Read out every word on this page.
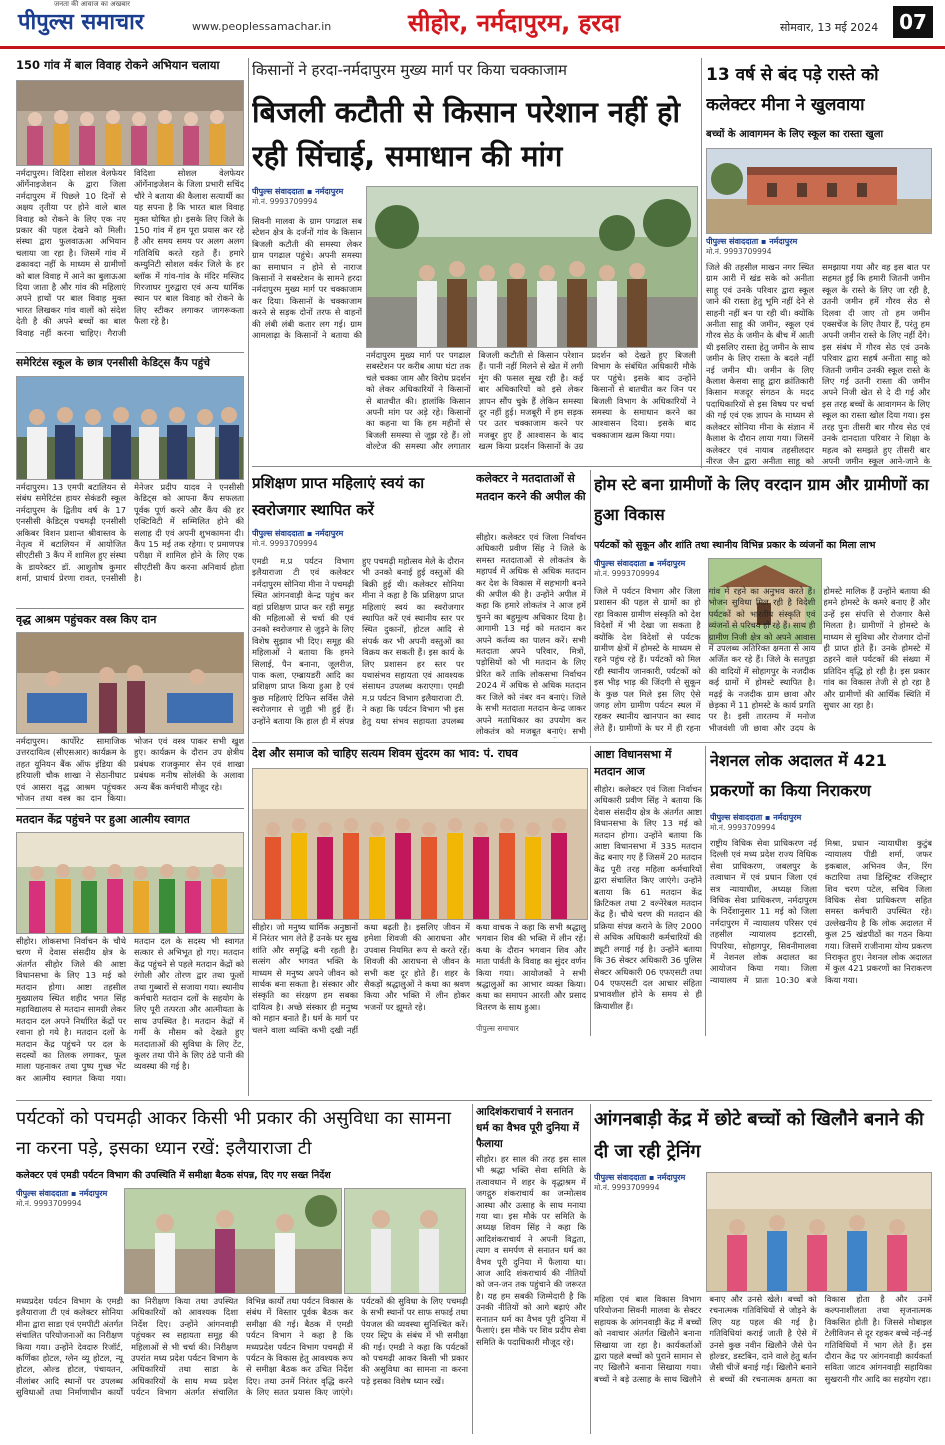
जनता की आवाज का अखबार
पीपुल्स समाचार	www.peoplessamachar.in	सीहोर, नर्मदापुरम, हरदा	सोमवार, 13 मई 2024	07
150 गांव में बाल विवाह रोकने अभियान चलाया
नर्मदापुरम। विदिशा सोशल वेलफेयर ऑर्गेनाइजेशन के द्वारा जिला नर्मदापुरम में पिछले 10 दिनों से अक्षय तृतीया पर होने वाले बाल विवाह को रोकने के लिए एक नए प्रकार की पहल देखने को मिली। संस्था द्वारा फुलवाऊआ अभियान चलाया जा रहा है। जिसमें गांव में ढकावदा नहीं के माध्यम से ग्रामीणों को बाल विवाह में आने का बुलाऊआ दिया जाता है और गांव की महिलाएं अपने हाथों पर बाल विवाह मुक्त भारत लिखकर गांव वालों को संदेश देती है की अपने बच्चों का बाल विवाह नहीं करना चाहिए। गैराजी विदिशा सोशल वेलफेयर ऑर्गेनाइजेशन के जिला प्रभारी सचिंद चौरे ने बताया की कैलाश सत्यार्थी का यह सपना है कि भारत बाल विवाह मुक्त घोषित हो। इसके लिए जिले के 150 गांव में हम पूरा प्रयास कर रहे हैं और समय समय पर अलग अलग गतिविधि करते रहते हैं। हमारे कम्युनिटी सोशल वर्कर जिले के हर ब्लॉक में गांव-गांव के मंदिर मस्जिद गिरजाघर गुरुद्वारा एवं अन्य धार्मिक स्थान पर बाल विवाह को रोकने के लिए स्टीकर लगाकर जागरूकता फैला रहे है।
समेरिटंस स्कूल के छात्र एनसीसी केडिट्स कैंप पहुंचे
नर्मदापुरम। 13 एमपी बटालियन से संबंध समेरिटंस हायर सेकंडरी स्कूल नर्मदापुरम के द्वितीय वर्ष के 17 एनसीसी केडिट्स पचमढ़ी एनसीसी अकिबर विशन प्रशान्त श्रीवास्तव के नेतृत्व में बटालियन में आयोजित सीएटीसी 3 कैंप में शामिल हुए संस्था के डायरेक्टर डॉ. आशुतोष कुमार शर्मा, प्राचार्य प्रेरणा रावत, एनसीसी मेनेजर प्रदीप यादव ने एनसीसी केडिट्स को आपना कैंप सफलता पूर्वक पूर्ण करने और कैंप की हर एक्टिविटी में सम्मिलित होने की सलाह दी एवं अपनी शुभकामना दी। कैंप 15 मई तक रहेगा। ए प्रमाणपत्र परीक्षा में शामिल होने के लिए एक सीएटीसी कैंप करना अनिवार्य होता है।
वृद्ध आश्रम पहुंचकर वस्त्र किए दान
नर्मदापुरम। कार्पोरेट सामाजिक उत्तरदायित्व (सीएसआर) कार्यक्रम के तहत यूनियन बैंक ऑफ इंडिया की हरियाली चौक शाखा ने सेठानीघाट एवं आसरा वृद्ध आश्रम पहुंचकर भोजन तथा वस्त्र का दान किया। भोजन एवं वस्त्र पाकर सभी खुश हुए। कार्यक्रम के दौरान उप क्षेत्रीय प्रबंधक राजकुमार सेन एवं शाखा प्रबंधक मनीष सोलंकी के अलावा अन्य बैंक कर्मचारी मौजूद रहे।
मतदान केंद्र पहुंचने पर हुआ आत्मीय स्वागत
सीहोर। लोकसभा निर्वाचन के चौथे चरण में देवास संसदीय क्षेत्र के अंतर्गत सीहोर जिले की आष्टा विधानसभा के लिए 13 मई को मतदान होगा। आष्टा तहसील मुख्यालय स्थित शहीद भगत सिंह महाविद्यालय से मतदान सामग्री लेकर मतदान दल अपने निर्धारित केंद्रों पर रवाना हो गये है। मतदान दलों के मतदान केंद्र पहुंचने पर दल के सदस्यों का तिलक लगाकर, फूल माला पहनाकर तथा पुष्प गुच्छ भेंट कर आत्मीय स्वागत किया गया। मतदान दल के सदस्य भी स्वागत सत्कार से अभिभूत हो गए। मतदान केंद्र पहुंचने से पहले मतदान केंद्रों को रंगोली और तोरण द्वार तथा फूलों तथा गुब्बारों से सजाया गया। स्थानीय कर्मचारी मतदान दलों के सहयोग के लिए पूरी तत्परता और आत्मीयता के साथ उपस्थित है। मतदान केंद्रों में गर्मी के मौसम को देखते हुए मतदाताओं की सुविधा के लिए टेंट, कूलर तथा पीने के लिए ठंडे पानी की व्यवस्था की गई है।
किसानों ने हरदा-नर्मदापुरम मुख्य मार्ग पर किया चक्काजाम
बिजली कटौती से किसान परेशान नहीं हो रही सिंचाई, समाधान की मांग
पीपुल्स संवाददाता ▪ नर्मदापुरम
मो.नं. 9993709994
सिवनी मालवा के ग्राम पगढाल सब स्टेशन क्षेत्र के दर्जनों गांव के किसान बिजली कटौती की समस्या लेकर ग्राम पगढाल पहुंचे। अपनी समस्या का समाधान न होने से नाराज किसानों ने सबस्टेशन के सामने हरदा नर्मदापुरम मुख्य मार्ग पर चक्काजाम कर दिया। किसानों के चक्काजाम करने से सड़क दोनों तरफ से वाहनों की लंबी लंबी कतार लग गई। ग्राम आमलाढ़ा के किसानों ने बताया की
नर्मदापुरम मुख्य मार्ग पर पगढाल सबस्टेशन पर करीब आधा घंटा तक चले चक्का जाम और विरोध प्रदर्शन को लेकर अधिकारियों ने किसानों से बातचीत की। हालांकि किसान अपनी मांग पर अड़े रहे। किसानों का कहना था कि हम महीनों से बिजली समस्या से जूझ रहे हैं। लो वोल्टेज की समस्या और लगातार बिजली कटौती से किसान परेशान हैं। पानी नहीं मिलने से खेत में लगी मूंग की फसल सूख रही है। कई बार अधिकारियों को इसे लेकर ज्ञापन सौंप चुके हैं लेकिन समस्या दूर नहीं हुई। मजबूरी में हम सड़क पर उतर चक्काजाम करने पर मजबूर हुए हैं आश्वासन के बाद खत्म किया प्रदर्शन किसानों के उग्र प्रदर्शन को देखते हुए बिजली विभाग के संबंधित अधिकारी मौके पर पहुंचे। इसके बाद उन्होंने किसानों से बातचीत कर जिन पर बिजली विभाग के अधिकारियों ने समस्या के समाधान करने का आश्वासन दिया। इसके बाद चक्काजाम खत्म किया गया।
13 वर्ष से बंद पड़े रास्ते को कलेक्टर मीना ने खुलवाया
बच्चों के आवागमन के लिए स्कूल का रास्ता खुला
पीपुल्स संवाददाता ▪ नर्मदापुरम
मो.नं. 9993709994
जिले की तहसील माखन नगर स्थित ग्राम आरी में खंड सके को अनीता साहू एवं उनके परिवार द्वारा स्कूल जाने की रास्ता हेतु भूमि नहीं देने से साहनी नहीं बन पा रही थी। क्योंकि अनीता साहू की जमीन, स्कूल एवं गौरव सेठ के जमीन के बीच में आती थी इसलिए रास्ता हेतु जमीन के साथ जमीन के लिए रास्ता के बदले नहीं नई जमीन थी। जमीन के लिए कैलाश केसवा साहू द्वारा क्रांतिकारी किसान मजदूर संगठन के मदद पदाधिकारियों से इस विषय पर चर्चा की गई एवं एक ज्ञापन के माध्यम से कलेक्टर सोनिया मीना के संज्ञान में कैलाश के दौरान लाया गया। जिसमें कलेक्टर एवं नायाब तहसीलदार नीरज जैन द्वारा अनीता साहू को समझाया गया और वह इस बात पर सहमत हुईं कि हमारी जितनी जमीन स्कूल के रास्ते के लिए जा रही है, उतनी जमीन हमें गौरव सेठ से दिलवा दी जाए तो हम जमीन एक्सचेंज के लिए तैयार हैं, परंतु हम अपनी जमीन रास्ते के लिए नहीं देंगे। इस संबंध में गौरव सेठ एवं उनके परिवार द्वारा सहर्ष अनीता साहू को जितनी जमीन उनकी स्कूल रास्ते के लिए गई उतनी रास्ता की जमीन अपने निजी खेत से दे दी गई और इस तरह बच्चों के आवागमन के लिए स्कूल का रास्ता खोल दिया गया। इस तरह पुनः तीसरी बार गौरव सेठ एवं उनके दानदाता परिवार ने शिक्षा के महत्व को समझते हुए तीसरी बार अपनी जमीन स्कूल आने-जाने के
प्रशिक्षण प्राप्त महिलाएं स्वयं का स्वरोजगार स्थापित करें
पीपुल्स संवाददाता ▪ नर्मदापुरम
मो.नं. 9993709994
एमडी म.प्र पर्यटन विभाग इलैयाराजा टी एवं कलेक्टर नर्मदापुरम सोनिया मीना ने पचमढ़ी स्थित आंगनवाड़ी केन्द्र पहुंच कर वहां प्रशिक्षण प्राप्त कर रही समूह की महिलाओं से चर्चा की एवं उनको स्वरोजगार से जुड़ने के लिए विशेष सुझाव भी दिए। समूह की महिलाओं ने बताया कि हमने सिलाई, पैन बनाना, जूलरीज, पाक कला, एम्ब्रायडरी आदि का प्रशिक्षण प्राप्त किया हुआ है एवं कुछ महिलाएं टिफिन सर्विस जैसे स्वरोजगार से जुड़ी भी हुई हैं। उन्होंने बताया कि हाल ही में संपन्न हुए पचमढ़ी महोत्सव मेले के दौरान भी उनको बनाई हुई वस्तुओं की बिक्री हुई थी। कलेक्टर सोनिया मीना ने कहा है कि प्रशिक्षण प्राप्त महिलाएं स्वयं का स्वरोजगार स्थापित करें एवं स्थानीय स्तर पर स्थित दुकानों, होटल आदि से संपर्क कर भी अपनी वस्तुओं का विक्रय कर सकती हैं। इस कार्य के लिए प्रशासन हर स्तर पर यथासंभव सहायता एवं आवश्यक संसाधन उपलब्ध कराएगा। एमडी म.प्र पर्यटन विभाग इलैयाराजा टी. ने कहा कि पर्यटन विभाग भी इस हेतु यथा संभव सहायता उपलब्ध
कलेक्टर ने मतदाताओं से मतदान करने की अपील की
सीहोर। कलेक्टर एवं जिला निर्वाचन अधिकारी प्रवीण सिंह ने जिले के समस्त मतदाताओं से लोकतंत्र के महापर्व में अधिक से अधिक मतदान कर देश के विकास में सहभागी बनने की अपील की है। उन्होंने अपील में कहा कि हमारे लोकतंत्र ने आज हमें चुनने का बहुमूल्य अधिकार दिया है। आगामी 13 मई को मतदान कर अपने कर्तव्य का पालन करें। सभी मतदाता अपने परिवार, मित्रों, पड़ोसियों को भी मतदान के लिए प्रेरित करें ताकि लोकसभा निर्वाचन 2024 में अधिक से अधिक मतदान कर जिले को नंबर वन बनाएं। जिले के सभी मतदाता मतदान केन्द्र जाकर अपने मताधिकार का उपयोग कर लोकतंत्र को मजबूत बनाएं। सभी
होम स्टे बना ग्रामीणों के लिए वरदान ग्राम और ग्रामीणों का हुआ विकास
पर्यटकों को सुकून और शांति तथा स्थानीय विभिन्न प्रकार के व्यंजनों का मिला लाभ
पीपुल्स संवाददाता ▪ नर्मदापुरम
मो.नं. 9993709994
जिले में पर्यटन विभाग और जिला प्रशासन की पहल से ग्रामों का हो रहा विकास ग्रामीण संस्कृति को देश विदेशों में भी देखा जा सकता है क्योंकि देश विदेशों से पर्यटक ग्रामीण क्षेत्रों में होमस्टे के माध्यम से रहने पहुंच रहे हैं। पर्यटकों को मिल रही स्थानीय जानकारी, पर्यटकों को इस भीड़ भाड़ की जिंदगी से सुकून के कुछ पल मिले इस लिए ऐसे जगह लोग ग्रामीण पर्यटन स्थल में रहकर स्थानीय खानपान का स्वाद लेते हैं। ग्रामीणों के घर में ही रहना गांव में रहने का अनुभव करते हैं। भोजन सुविधा मिल रही है विदेशी पर्यटकों को भारतीय संस्कृति एवं व्यंजनों से परिचय हो रहे हैं। साथ ही ग्रामीण निजी क्षेत्र को अपने आवास में उपलब्ध अतिरिक्त क्षमता से आय अर्जित कर रहे हैं। जिले के सतपुड़ा की वादियों में सोहागपुर के नजदीक कई ग्रामों में होमस्टे स्थापित है। मढ़ई के नजदीक ग्राम छावा और छेड़का में 11 होमस्टे के कार्य प्रगति पर है। इसी तारतम्य में मनोज भीजवंशी जी छावा और उदय के होमस्टे मालिक हैं उन्होंने बताया की हमने होमस्टे के कमरे बनाए हैं और उन्हें इस संपत्ति से रोजगार कैसे मिलता है। ग्रामीणों ने होमस्टे के माध्यम से सुविधा और रोजगार दोनों ही प्राप्त होते हैं। उनके होमस्टे में ठहरने वाले पर्यटकों की संख्या में प्रतिदिन वृद्धि हो रही है। इस प्रकार गांव का विकास तेजी से हो रहा है और ग्रामीणों की आर्थिक स्थिति में सुधार आ रहा है।
देश और समाज को चाहिए सत्यम शिवम सुंदरम का भाव: पं. राघव
सीहोर। जो मनुष्य धार्मिक अनुष्ठानों में निरंतर भाग लेते हैं उनके घर सुख शांति और समृद्धि बनी रहती है। सत्संग और भगवत भक्ति के माध्यम से मनुष्य अपने जीवन को सार्थक बना सकता है। संस्कार और संस्कृति का संरक्षण हम सबका दायित्व है। अच्छे संस्कार ही मनुष्य को महान बनाते हैं। धर्म के मार्ग पर चलने वाला व्यक्ति कभी दुखी नहीं
कथा बढ़ती है। इसलिए जीवन में हमेशा शिवजी की आराधना और उपवास नियमित रूप से करते रहें। शिवजी की आराधना से जीवन के सभी कष्ट दूर होते हैं। शहर के सैकड़ों श्रद्धालुओं ने कथा का श्रवण किया और भक्ति में लीन होकर भजनों पर झूमते रहे।
कथा वाचक ने कहा कि सभी श्रद्धालु भगवान शिव की भक्ति में लीन रहें। कथा के दौरान भगवान शिव और माता पार्वती के विवाह का सुंदर वर्णन किया गया। आयोजकों ने सभी श्रद्धालुओं का आभार व्यक्त किया। कथा का समापन आरती और प्रसाद वितरण के साथ हुआ।
पीपुल्स समाचार
आष्टा विधानसभा में मतदान आज
सीहोर। कलेक्टर एवं जिला निर्वाचन अधिकारी प्रवीण सिंह ने बताया कि देवास संसदीय क्षेत्र के अंतर्गत आष्टा विधानसभा के लिए 13 मई को मतदान होगा। उन्होंने बताया कि आष्टा विधानसभा में 335 मतदान केंद्र बनाए गए हैं जिसमें 20 मतदान केंद्र पूरी तरह महिला कर्मचारियों द्वारा संचालित किए जाएंगे। उन्होंने बताया कि 61 मतदान केंद्र क्रिटिकल तथा 2 वल्नेरेबल मतदान केंद्र हैं। चौथे चरण की मतदान की प्रक्रिया संपन्न कराने के लिए 2000 से अधिक अधिकारी कर्मचारियों की ड्यूटी लगाई गई है। उन्होंने बताया कि 36 सेक्टर अधिकारी 36 पुलिस सेक्टर अधिकारी 06 एफएसटी तथा 04 एफएसटी दल आचार संहिता प्रभावशील होने के समय से ही क्रियाशील हैं।
नेशनल लोक अदालत में 421 प्रकरणों का किया निराकरण
पीपुल्स संवाददाता ▪ नर्मदापुरम
मो.नं. 9993709994
राष्ट्रीय विधिक सेवा प्राधिकरण नई दिल्ली एवं मध्य प्रदेश राज्य विधिक सेवा प्राधिकरण, जबलपुर के तत्वाधान में एवं प्रधान जिला एवं सत्र न्यायाधीश, अध्यक्ष जिला विधिक सेवा प्राधिकरण, नर्मदापुरम के निर्देशानुसार 11 मई को जिला नर्मदापुरम में न्यायालय परिसर एवं तहसील न्यायालय इटारसी, पिपरिया, सोहागपुर, सिवनीमालवा में नेशनल लोक अदालत का आयोजन किया गया। जिला न्यायालय में प्रातः 10:30 बजे मिश्रा, प्रधान न्यायाधीश कुटुंब न्यायालय पीडी शर्मा, जफर इकबाल, अभिनव जैन, रिंग कटारिया तथा डिस्ट्रिक्ट रजिस्ट्रार शिव चरण पटेल, सचिव जिला विधिक सेवा प्राधिकरण सहित समस्त कर्मचारी उपस्थित रहे। उल्लेखनीय है कि लोक अदालत में कुल 25 खंडपीठों का गठन किया गया। जिसमें राजीनामा योग्य प्रकरण निराकृत हुए। नेशनल लोक अदालत में कुल 421 प्रकरणों का निराकरण किया गया।
पर्यटकों को पचमढ़ी आकर किसी भी प्रकार की असुविधा का सामना ना करना पड़े, इसका ध्यान रखें: इलैयाराजा टी
कलेक्टर एवं एमडी पर्यटन विभाग की उपस्थिति में समीक्षा बैठक संपन्न, दिए गए सख्त निर्देश
पीपुल्स संवाददाता ▪ नर्मदापुरम
मो.नं. 9993709994
मध्यप्रदेश पर्यटन विभाग के एमडी इलैयाराजा टी एवं कलेक्टर सोनिया मीना द्वारा साडा एवं एमपीटी अंतर्गत संचालित परियोजनाओं का निरीक्षण किया गया। उन्होंने देवदारु रिजॉर्ट, कर्णिका होटल, ग्लेन व्यू होटल, न्यू होटल, ओल्ड होटल, पंचायतन, नीलांबर आदि स्थानों पर उपलब्ध सुविधाओं तथा निर्माणाधीन कार्यों का निरीक्षण किया तथा उपस्थित अधिकारियों को आवश्यक दिशा निर्देश दिए। उन्होंने आंगनवाड़ी पहुंचकर स्व सहायता समूह की महिलाओं से भी चर्चा की। निरीक्षण उपरांत मध्य प्रदेश पर्यटन विभाग के अधिकारियों तथा साडा के अधिकारियों के साथ मध्य प्रदेश पर्यटन विभाग अंतर्गत संचालित विभिन्न कार्यों तथा पर्यटन विकास के संबंध में विस्तार पूर्वक बैठक कर समीक्षा की गई। बैठक में एमडी पर्यटन विभाग ने कहा है कि मध्यप्रदेश पर्यटन विभाग पचमढ़ी में पर्यटन के विकास हेतु आवश्यक रूप से समीक्षा बैठक कर उचित निर्देश दिए। तथा उनमें निरंतर वृद्धि करने के लिए सतत प्रयास किए जाएंगे। पर्यटकों की सुविधा के लिए पचमढ़ी के सभी स्थानों पर साफ सफाई तथा पेयजल की व्यवस्था सुनिश्चित करें। एयर स्ट्रिप के संबंध में भी समीक्षा की गई। एमडी ने कहा कि पर्यटकों को पचमढ़ी आकर किसी भी प्रकार की असुविधा का सामना ना करना पड़े इसका विशेष ध्यान रखें।
आदिशंकराचार्य ने सनातन धर्म का वैभव पूरी दुनिया में फैलाया
सीहोर। हर साल की तरह इस साल भी श्रद्धा भक्ति सेवा समिति के तत्वावधान में शहर के वृद्धाश्रम में जगद्गुरु शंकराचार्य का जन्मोत्सव आस्था और उत्साह के साथ मनाया गया था। इस मौके पर समिति के अध्यक्ष शिवम सिंह ने कहा कि आदिशंकराचार्य ने अपनी विद्वता, त्याग व समर्पण से सनातन धर्म का वैभव पूरी दुनिया में फैलाया था। आज आदि शंकराचार्य की नीतियों को जन-जन तक पहुंचाने की जरूरत है। यह हम सबकी जिम्मेदारी है कि उनकी नीतियों को आगे बढ़ाएं और सनातन धर्म का वैभव पूरी दुनिया में फैलाएं। इस मौके पर शिव प्रदीप सेवा समिति के पदाधिकारी मौजूद रहे।
आंगनबाड़ी केंद्र में छोटे बच्चों को खिलौने बनाने की दी जा रही ट्रेनिंग
पीपुल्स संवाददाता ▪ नर्मदापुरम
मो.नं. 9993709994
महिला एवं बाल विकास विभाग परियोजना सिवनी मालवा के सेक्टर सहायक के आंगनवाड़ी केंद्र में बच्चों को नवाचार अंतर्गत खिलौने बनाना सिखाया जा रहा है। कार्यकर्ताओं द्वारा पहले बच्चों को पुराने सामान से नए खिलौने बनाना सिखाया गया। बच्चों ने बड़े उत्साह के साथ खिलौने बनाए और उनसे खेले। बच्चों को रचनात्मक गतिविधियों से जोड़ने के लिए यह पहल की गई है। गतिविधियां कराई जाती है ऐसे में उनसे कुछ नवीन खिलौने जैसे पेन होल्डर, डस्टबिन, दाने वाले हेतु बर्तन जैसी चीजें बनाई गई। खिलौने बनाने से बच्चों की रचनात्मक क्षमता का विकास होता है और उनमें कल्पनाशीलता तथा सृजनात्मक विकसित होती है। जिससे मोबाइल टेलीविजन से दूर रहकर बच्चे नई-नई गतिविधियों में भाग लेते हैं। इस दौरान केंद्र पर आंगनवाड़ी कार्यकर्ता सविता जाटव आंगनवाड़ी सहायिका सुखरानी गौर आदि का सहयोग रहा।
